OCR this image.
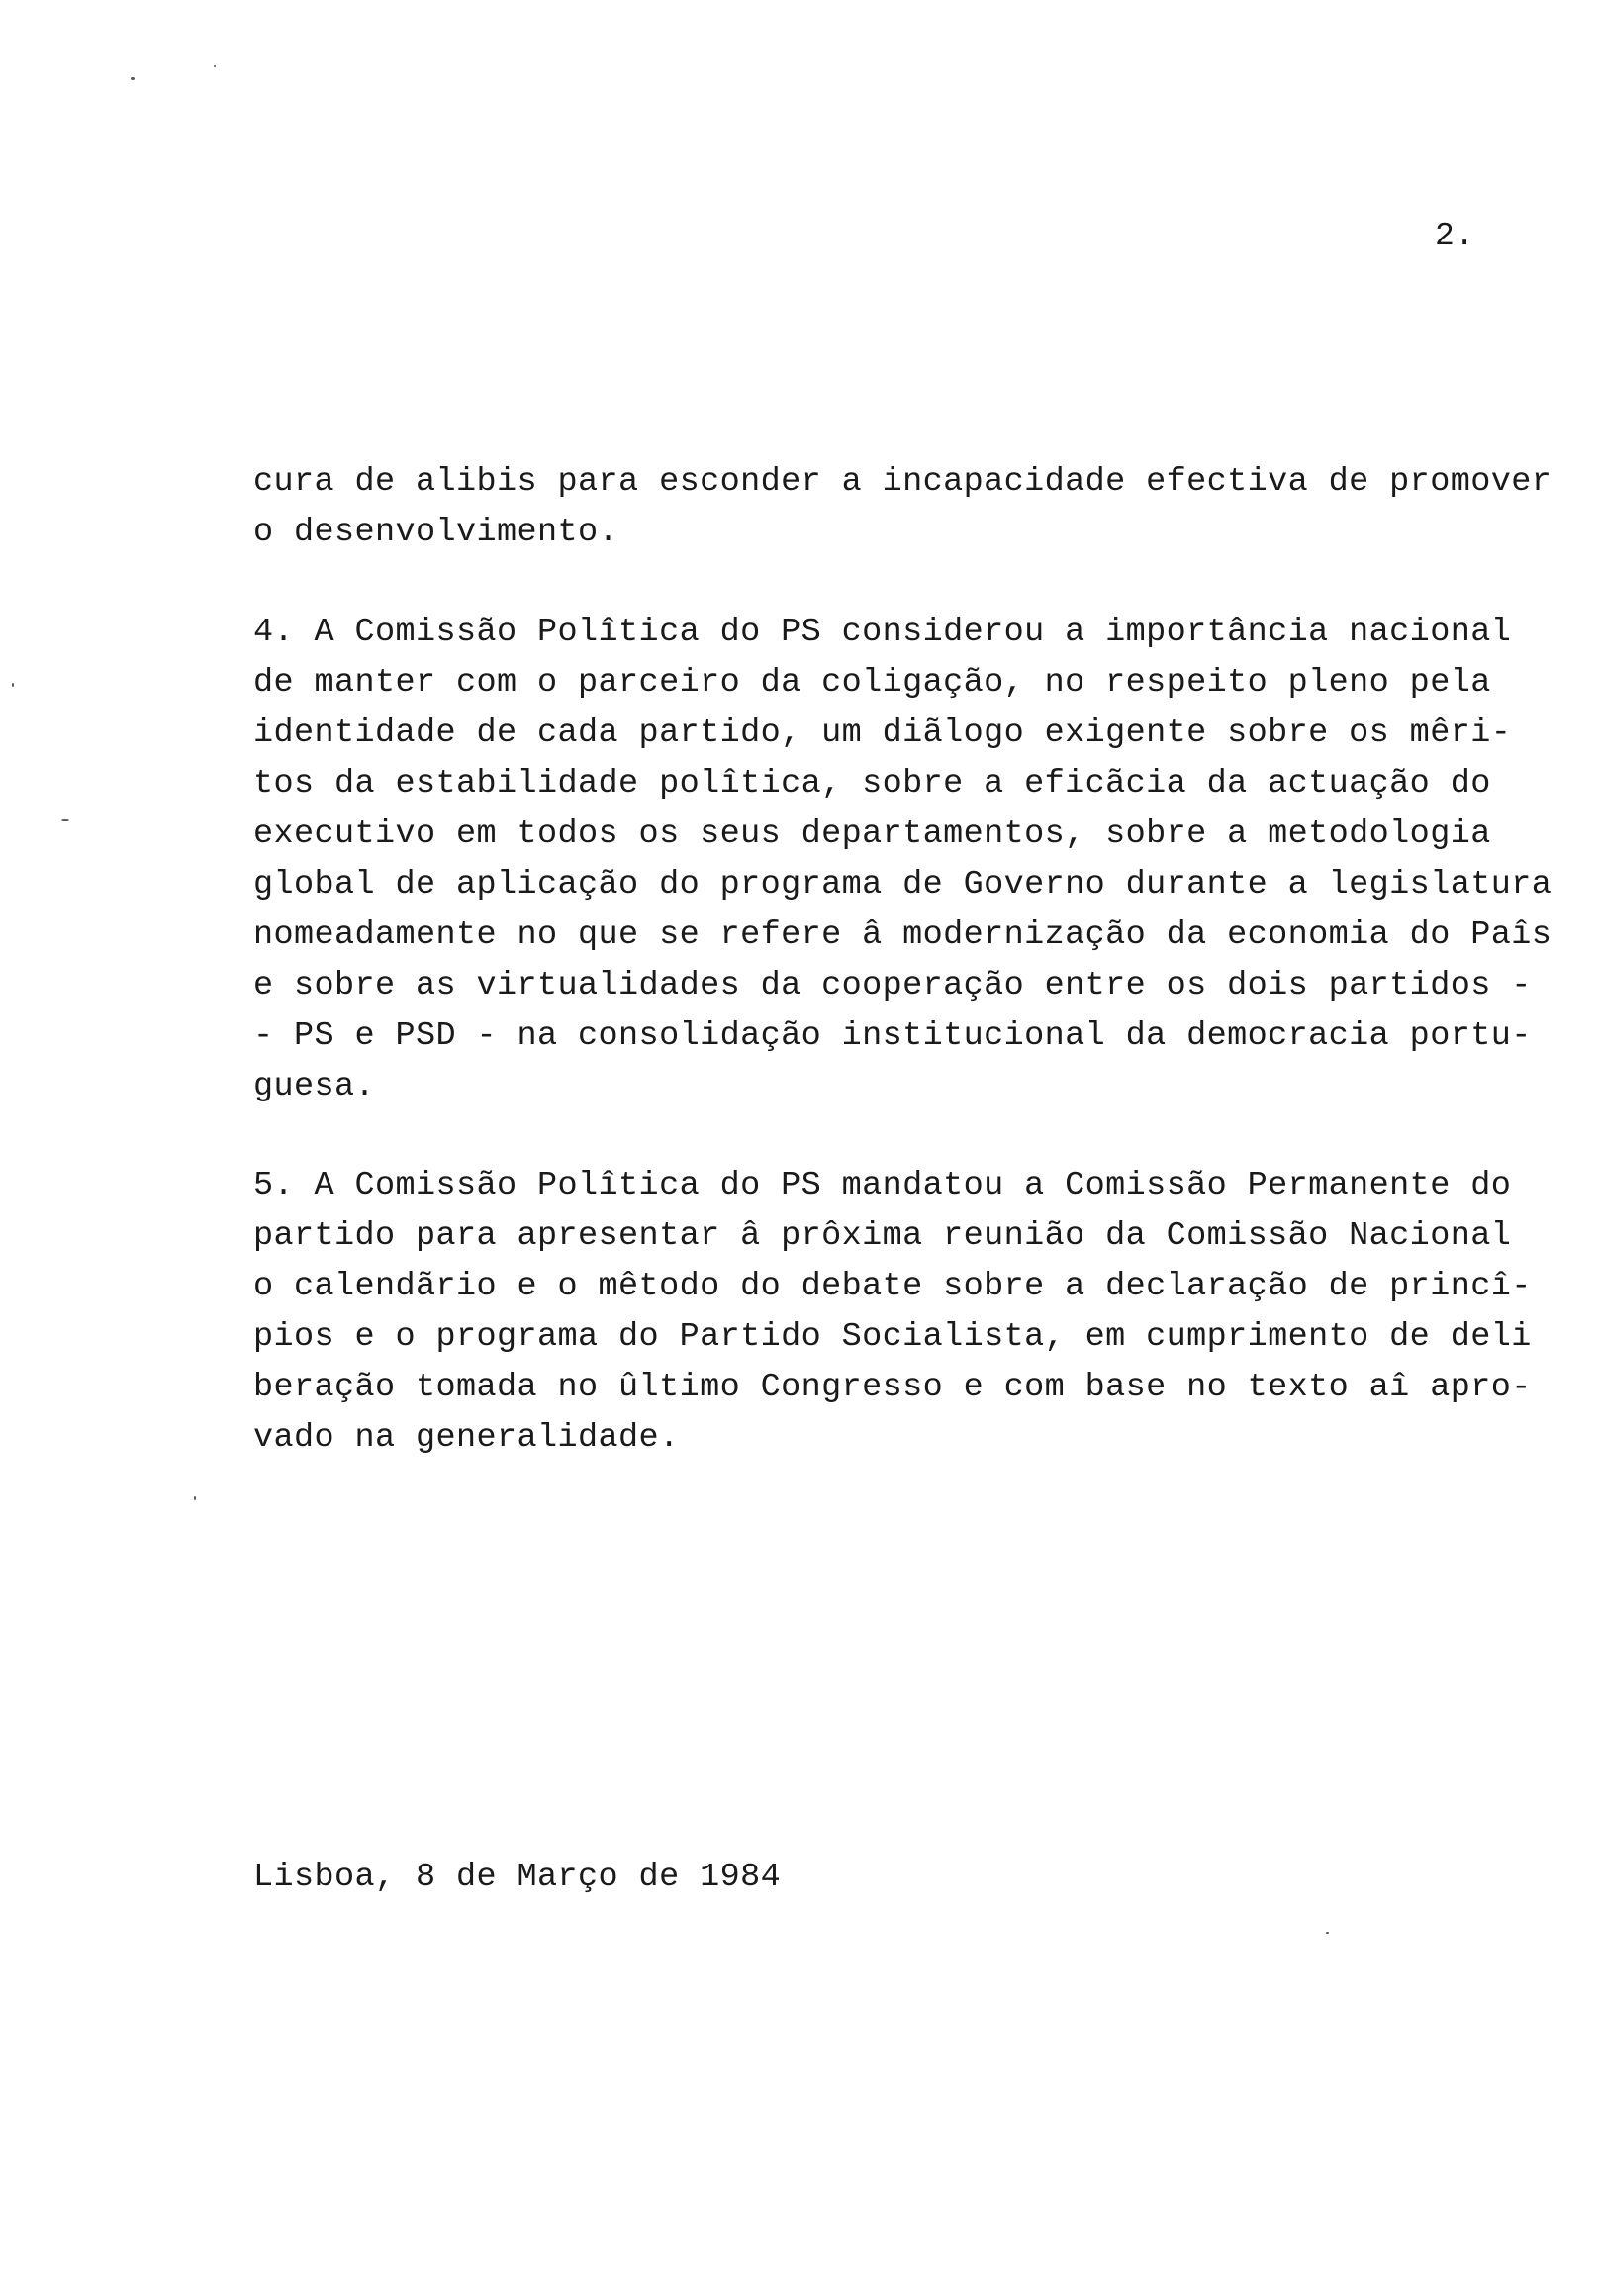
2.
cura de alibis para esconder a incapacidade efectiva de promover
o desenvolvimento.
4. A Comissão Polîtica do PS considerou a importância nacional
de manter com o parceiro da coligação, no respeito pleno pela
identidade de cada partido, um diãlogo exigente sobre os mêri-
tos da estabilidade polîtica, sobre a eficãcia da actuação do
executivo em todos os seus departamentos, sobre a metodologia
global de aplicação do programa de Governo durante a legislatura
nomeadamente no que se refere â modernização da economia do Paîs
e sobre as virtualidades da cooperação entre os dois partidos -
- PS e PSD - na consolidação institucional da democracia portu-
guesa.
5. A Comissão Polîtica do PS mandatou a Comissão Permanente do
partido para apresentar â prôxima reunião da Comissão Nacional
o calendãrio e o mêtodo do debate sobre a declaração de princî-
pios e o programa do Partido Socialista, em cumprimento de deli
beração tomada no ûltimo Congresso e com base no texto aî apro-
vado na generalidade.
Lisboa, 8 de Março de 1984
